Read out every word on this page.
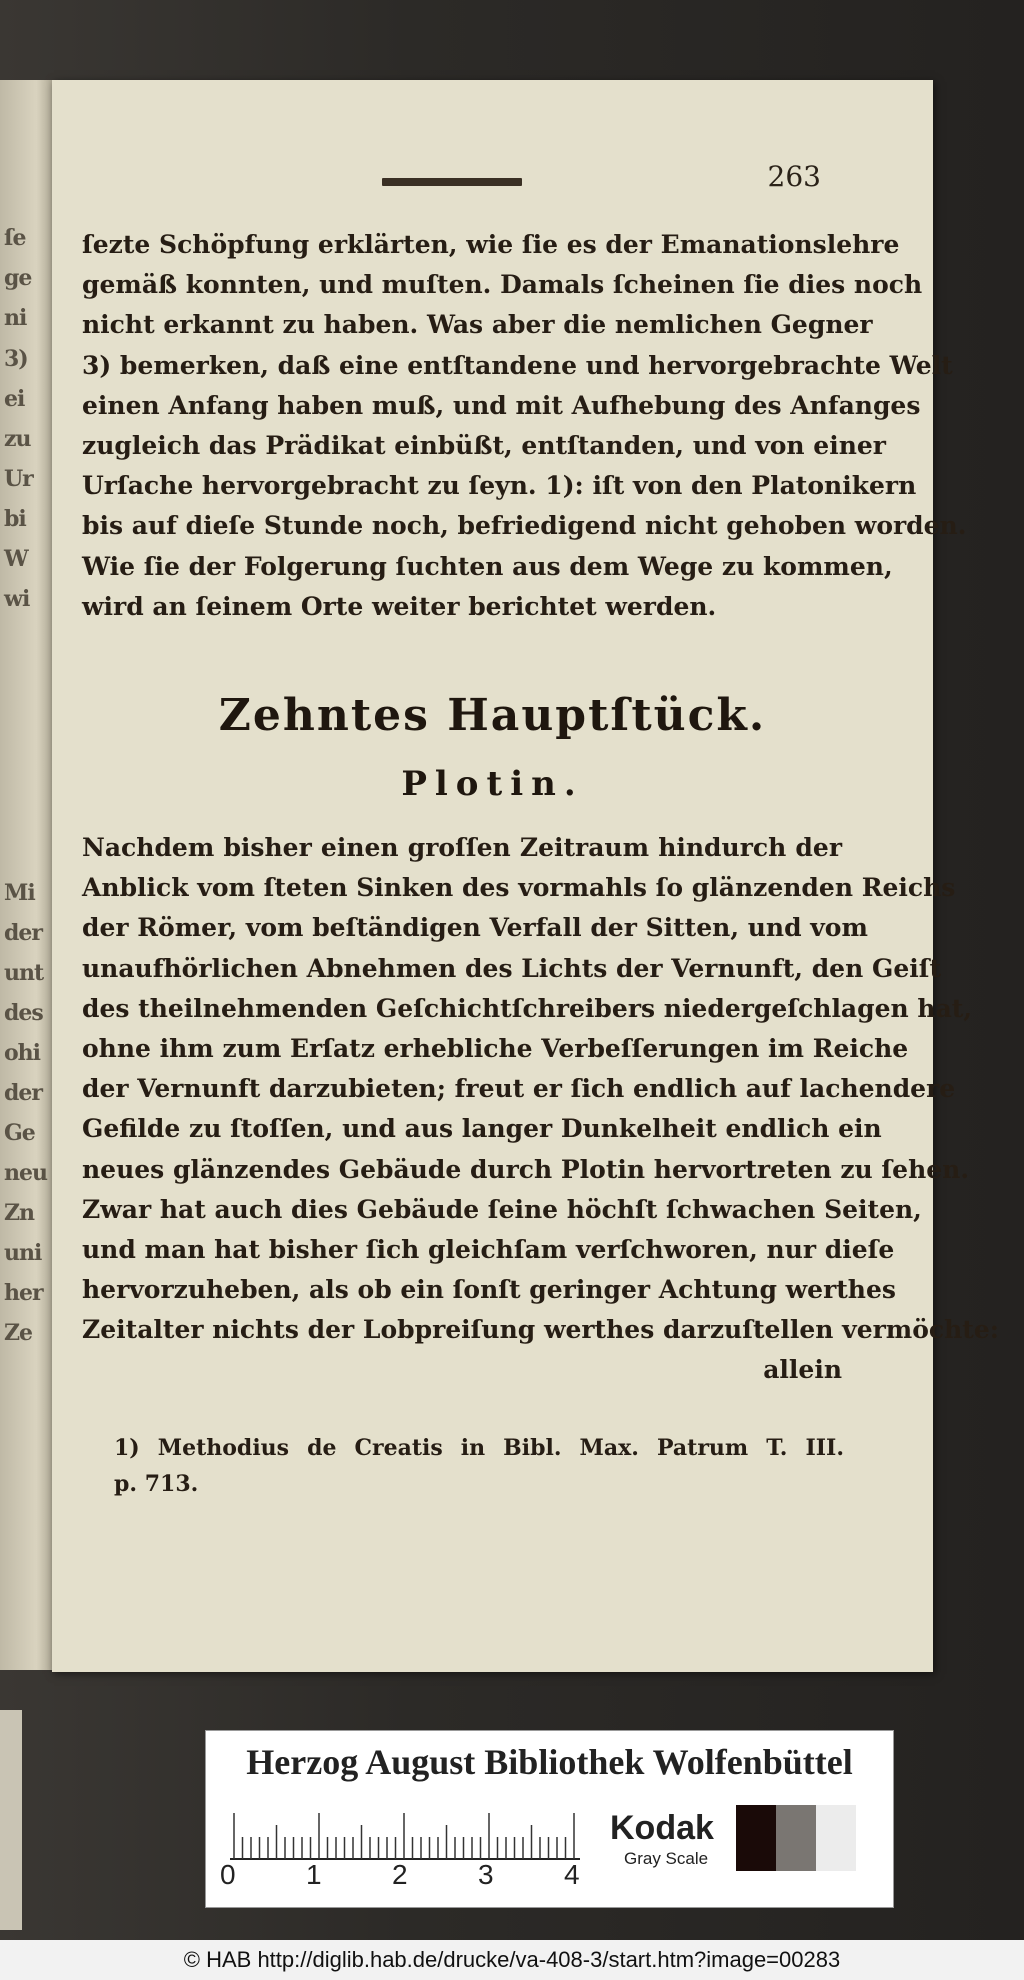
ſe
ge
ni
3)
ei
zu
Ur
bi
W
wi
Mi
der
unt
des
ohi
der
Ge
neu
Zn
uni
her
Ze
263
ſezte Schöpfung erklärten, wie ſie es der Emanationslehre
gemäß konnten, und muſten. Damals ſcheinen ſie dies noch
nicht erkannt zu haben. Was aber die nemlichen Gegner
3) bemerken, daß eine entſtandene und hervorgebrachte Welt
einen Anfang haben muß, und mit Aufhebung des Anfanges
zugleich das Prädikat einbüßt, entſtanden, und von einer
Urſache hervorgebracht zu ſeyn. 1): iſt von den Platonikern
bis auf dieſe Stunde noch, befriedigend nicht gehoben worden.
Wie ſie der Folgerung ſuchten aus dem Wege zu kommen,
wird an ſeinem Orte weiter berichtet werden.
Zehntes Hauptſtück.
Plotin.
Nachdem bisher einen groſſen Zeitraum hindurch der
Anblick vom ſteten Sinken des vormahls ſo glänzenden Reichs
der Römer, vom beſtändigen Verfall der Sitten, und vom
unaufhörlichen Abnehmen des Lichts der Vernunft, den Geiſt
des theilnehmenden Geſchichtſchreibers niedergeſchlagen hat,
ohne ihm zum Erſatz erhebliche Verbeſſerungen im Reiche
der Vernunft darzubieten; freut er ſich endlich auf lachendere
Gefilde zu ſtoſſen, und aus langer Dunkelheit endlich ein
neues glänzendes Gebäude durch Plotin hervortreten zu ſehen.
Zwar hat auch dies Gebäude ſeine höchſt ſchwachen Seiten,
und man hat bisher ſich gleichſam verſchworen, nur dieſe
hervorzuheben, als ob ein ſonſt geringer Achtung werthes
Zeitalter nichts der Lobpreiſung werthes darzuſtellen vermöchte:
allein
1) Methodius de Creatis in Bibl. Max. Patrum T. III.
p. 713.
Herzog August Bibliothek Wolfenbüttel
0	1	2	3	4
Kodak
Gray Scale
© HAB http://diglib.hab.de/drucke/va-408-3/start.htm?image=00283
